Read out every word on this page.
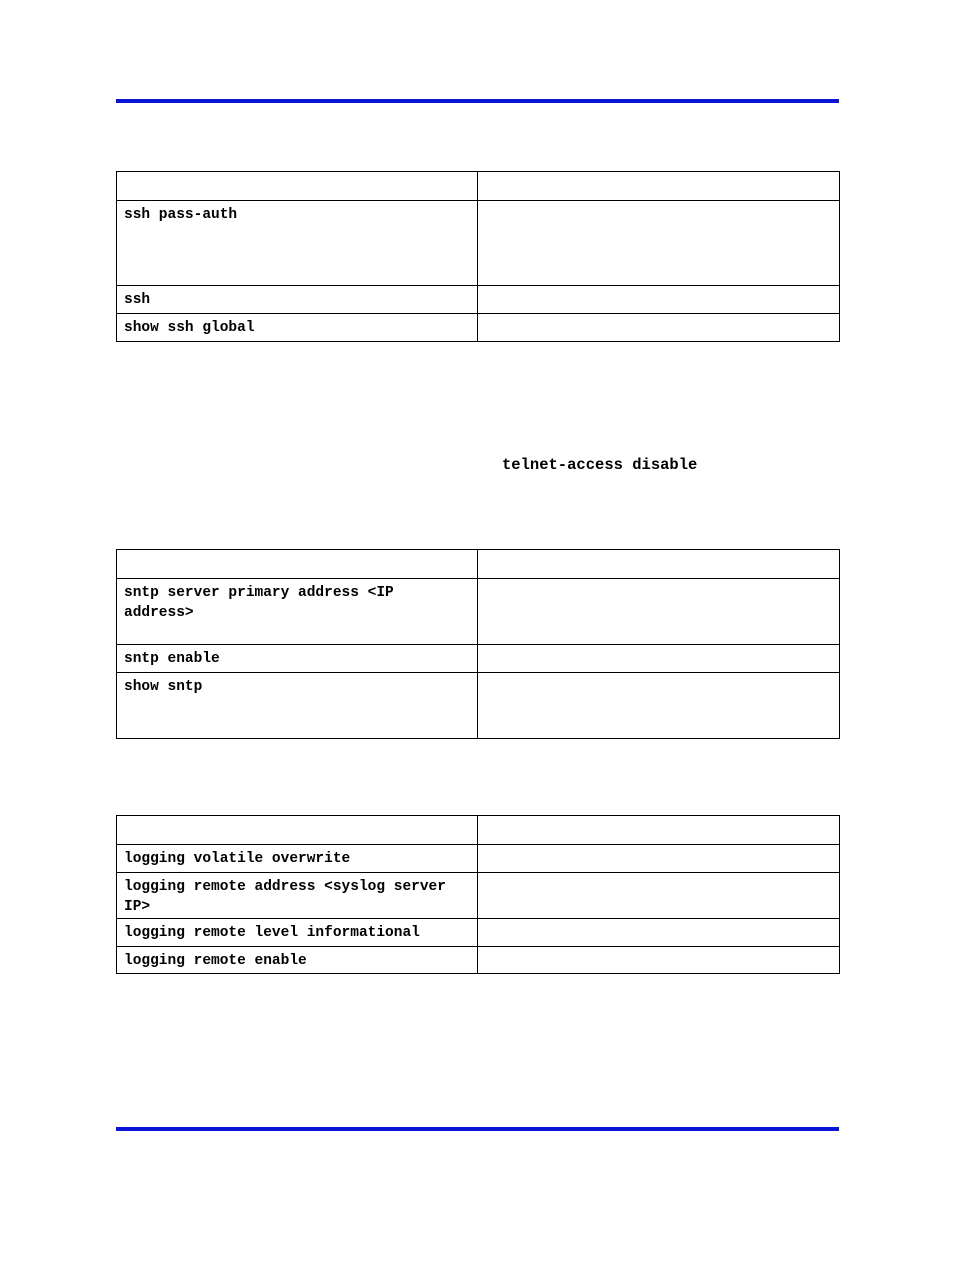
ssh pass-auth	
ssh	
show ssh global	
telnet-access disable

sntp server primary address <IP address>	
sntp enable	
show sntp	

logging volatile overwrite	
logging remote address <syslog server IP>	
logging remote level informational	
logging remote enable	
